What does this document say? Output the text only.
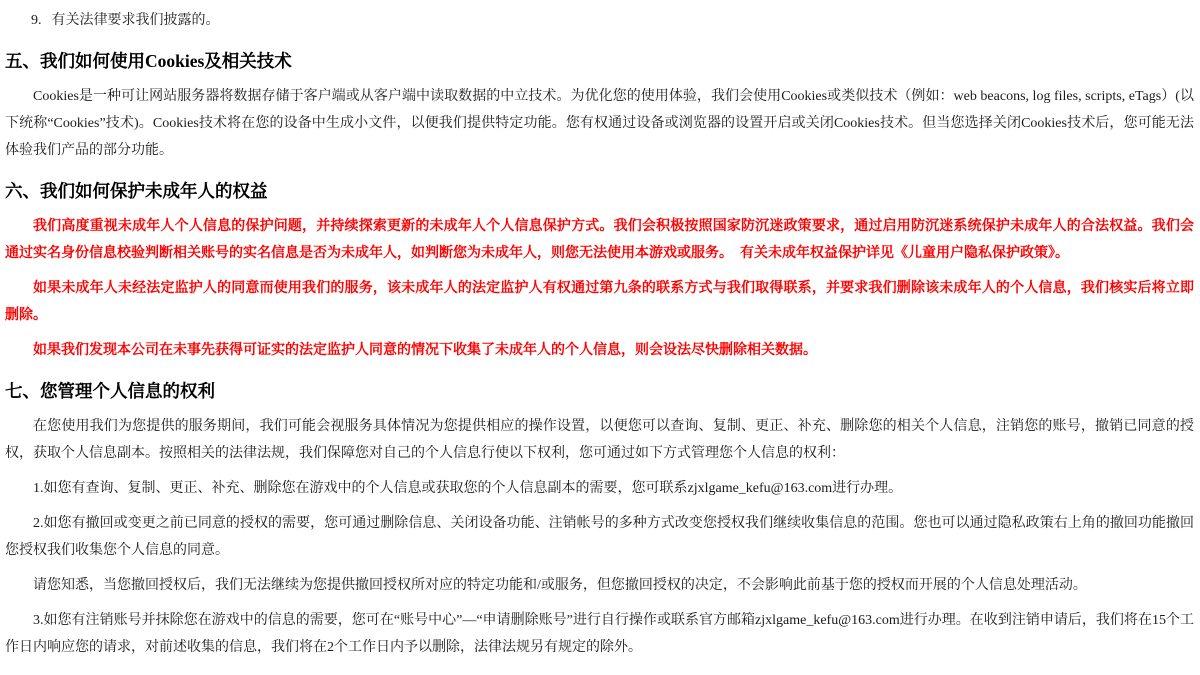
9. 有关法律要求我们披露的。

五、我们如何使用Cookies及相关技术

Cookies是一种可让网站服务器将数据存储于客户端或从客户端中读取数据的中立技术。为优化您的使用体验，我们会使用Cookies或类似技术（例如：web beacons, log files, scripts, eTags）(以下统称“Cookies”技术)。Cookies技术将在您的设备中生成小文件，以便我们提供特定功能。您有权通过设备或浏览器的设置开启或关闭Cookies技术。但当您选择关闭Cookies技术后，您可能无法体验我们产品的部分功能。

六、我们如何保护未成年人的权益

我们高度重视未成年人个人信息的保护问题，并持续探索更新的未成年人个人信息保护方式。我们会积极按照国家防沉迷政策要求，通过启用防沉迷系统保护未成年人的合法权益。我们会通过实名身份信息校验判断相关账号的实名信息是否为未成年人，如判断您为未成年人，则您无法使用本游戏或服务。　有关未成年权益保护详见《儿童用户隐私保护政策》。

如果未成年人未经法定监护人的同意而使用我们的服务，该未成年人的法定监护人有权通过第九条的联系方式与我们取得联系，并要求我们删除该未成年人的个人信息，我们核实后将立即删除。

如果我们发现本公司在未事先获得可证实的法定监护人同意的情况下收集了未成年人的个人信息，则会设法尽快删除相关数据。

七、您管理个人信息的权利

在您使用我们为您提供的服务期间，我们可能会视服务具体情况为您提供相应的操作设置，以便您可以查询、复制、更正、补充、删除您的相关个人信息，注销您的账号，撤销已同意的授权，获取个人信息副本。按照相关的法律法规，我们保障您对自己的个人信息行使以下权利，您可通过如下方式管理您个人信息的权利：

1.如您有查询、复制、更正、补充、删除您在游戏中的个人信息或获取您的个人信息副本的需要，您可联系zjxlgame_kefu@163.com进行办理。

2.如您有撤回或变更之前已同意的授权的需要，您可通过删除信息、关闭设备功能、注销帐号的多种方式改变您授权我们继续收集信息的范围。您也可以通过隐私政策右上角的撤回功能撤回您授权我们收集您个人信息的同意。

请您知悉，当您撤回授权后，我们无法继续为您提供撤回授权所对应的特定功能和/或服务，但您撤回授权的决定，不会影响此前基于您的授权而开展的个人信息处理活动。

3.如您有注销账号并抹除您在游戏中的信息的需要，您可在“账号中心”—“申请删除账号”进行自行操作或联系官方邮箱zjxlgame_kefu@163.com进行办理。在收到注销申请后，我们将在15个工作日内响应您的请求，对前述收集的信息，我们将在2个工作日内予以删除，法律法规另有规定的除外。
